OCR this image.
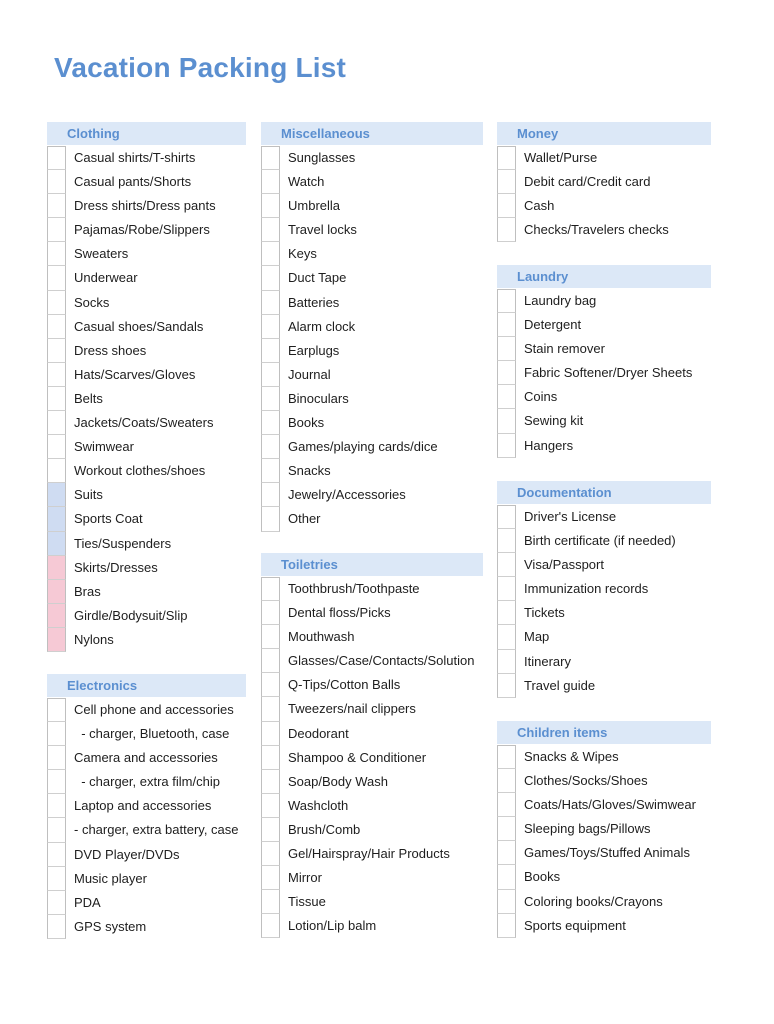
Vacation Packing List
Clothing
Casual shirts/T-shirts
Casual pants/Shorts
Dress shirts/Dress pants
Pajamas/Robe/Slippers
Sweaters
Underwear
Socks
Casual shoes/Sandals
Dress shoes
Hats/Scarves/Gloves
Belts
Jackets/Coats/Sweaters
Swimwear
Workout clothes/shoes
Suits
Sports Coat
Ties/Suspenders
Skirts/Dresses
Bras
Girdle/Bodysuit/Slip
Nylons
Electronics
Cell phone and accessories
- charger, Bluetooth, case
Camera and accessories
- charger, extra film/chip
Laptop and accessories
- charger, extra battery, case
DVD Player/DVDs
Music player
PDA
GPS system
Miscellaneous
Sunglasses
Watch
Umbrella
Travel locks
Keys
Duct Tape
Batteries
Alarm clock
Earplugs
Journal
Binoculars
Books
Games/playing cards/dice
Snacks
Jewelry/Accessories
Other
Toiletries
Toothbrush/Toothpaste
Dental floss/Picks
Mouthwash
Glasses/Case/Contacts/Solution
Q-Tips/Cotton Balls
Tweezers/nail clippers
Deodorant
Shampoo & Conditioner
Soap/Body Wash
Washcloth
Brush/Comb
Gel/Hairspray/Hair Products
Mirror
Tissue
Lotion/Lip balm
Money
Wallet/Purse
Debit card/Credit card
Cash
Checks/Travelers checks
Laundry
Laundry bag
Detergent
Stain remover
Fabric Softener/Dryer Sheets
Coins
Sewing kit
Hangers
Documentation
Driver's License
Birth certificate (if needed)
Visa/Passport
Immunization records
Tickets
Map
Itinerary
Travel guide
Children items
Snacks & Wipes
Clothes/Socks/Shoes
Coats/Hats/Gloves/Swimwear
Sleeping bags/Pillows
Games/Toys/Stuffed Animals
Books
Coloring books/Crayons
Sports equipment
